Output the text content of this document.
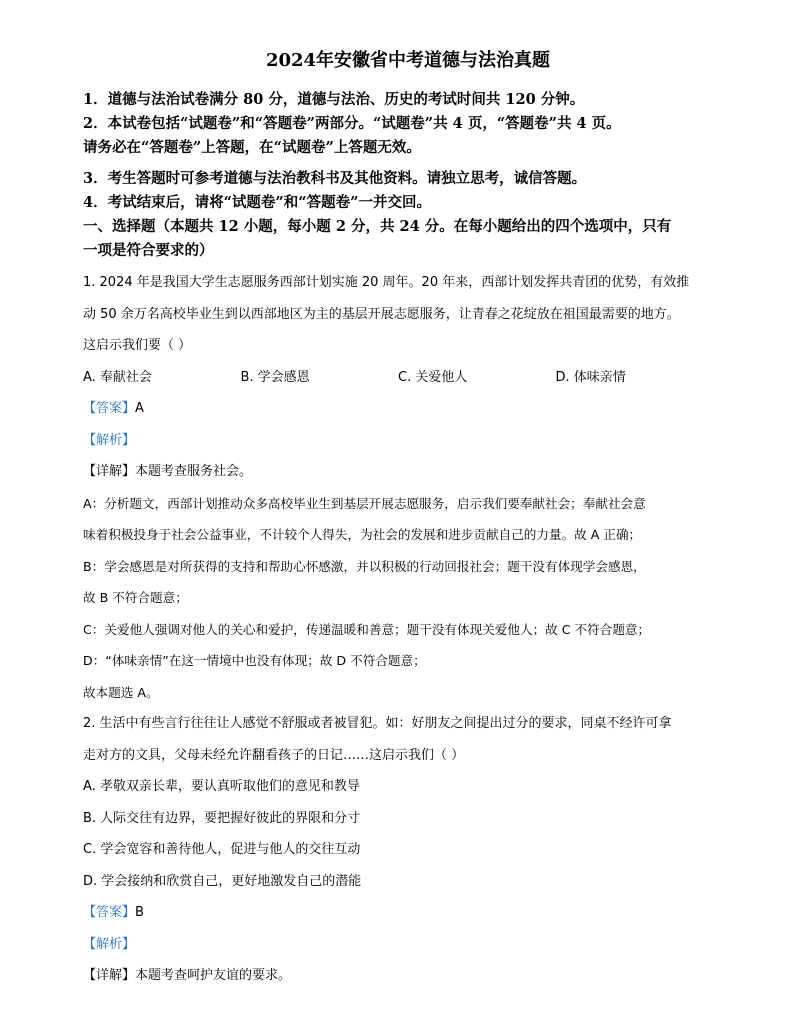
2024年安徽省中考道德与法治真题

1．道德与法治试卷满分 80 分，道德与法治、历史的考试时间共 120 分钟。

2．本试卷包括“试题卷”和“答题卷”两部分。“试题卷”共 4 页，“答题卷”共 4 页。

请务必在“答题卷”上答题，在“试题卷”上答题无效。

3．考生答题时可参考道德与法治教科书及其他资料。请独立思考，诚信答题。

4．考试结束后，请将“试题卷”和“答题卷”一并交回。

一、选择题（本题共 12 小题，每小题 2 分，共 24 分。在每小题给出的四个选项中，只有
一项是符合要求的）

1. 2024 年是我国大学生志愿服务西部计划实施 20 周年。20 年来，西部计划发挥共青团的优势，有效推

动 50 余万名高校毕业生到以西部地区为主的基层开展志愿服务，让青春之花绽放在祖国最需要的地方。

这启示我们要（ ）

A. 奉献社会	B. 学会感恩	C. 关爱他人	D. 体味亲情

【答案】A

【解析】

【详解】本题考查服务社会。

A：分析题文，西部计划推动众多高校毕业生到基层开展志愿服务，启示我们要奉献社会；奉献社会意

味着积极投身于社会公益事业，不计较个人得失，为社会的发展和进步贡献自己的力量。故 A 正确；

B：学会感恩是对所获得的支持和帮助心怀感激，并以积极的行动回报社会；题干没有体现学会感恩，

故 B 不符合题意；

C：关爱他人强调对他人的关心和爱护，传递温暖和善意；题干没有体现关爱他人；故 C 不符合题意；

D：“体味亲情”在这一情境中也没有体现；故 D 不符合题意；

故本题选 A。

2. 生活中有些言行往往让人感觉不舒服或者被冒犯。如：好朋友之间提出过分的要求，同桌不经许可拿

走对方的文具，父母未经允许翻看孩子的日记……这启示我们（ ）

A. 孝敬双亲长辈，要认真听取他们的意见和教导

B. 人际交往有边界，要把握好彼此的界限和分寸

C. 学会宽容和善待他人，促进与他人的交往互动

D. 学会接纳和欣赏自己，更好地激发自己的潜能

【答案】B

【解析】

【详解】本题考查呵护友谊的要求。
